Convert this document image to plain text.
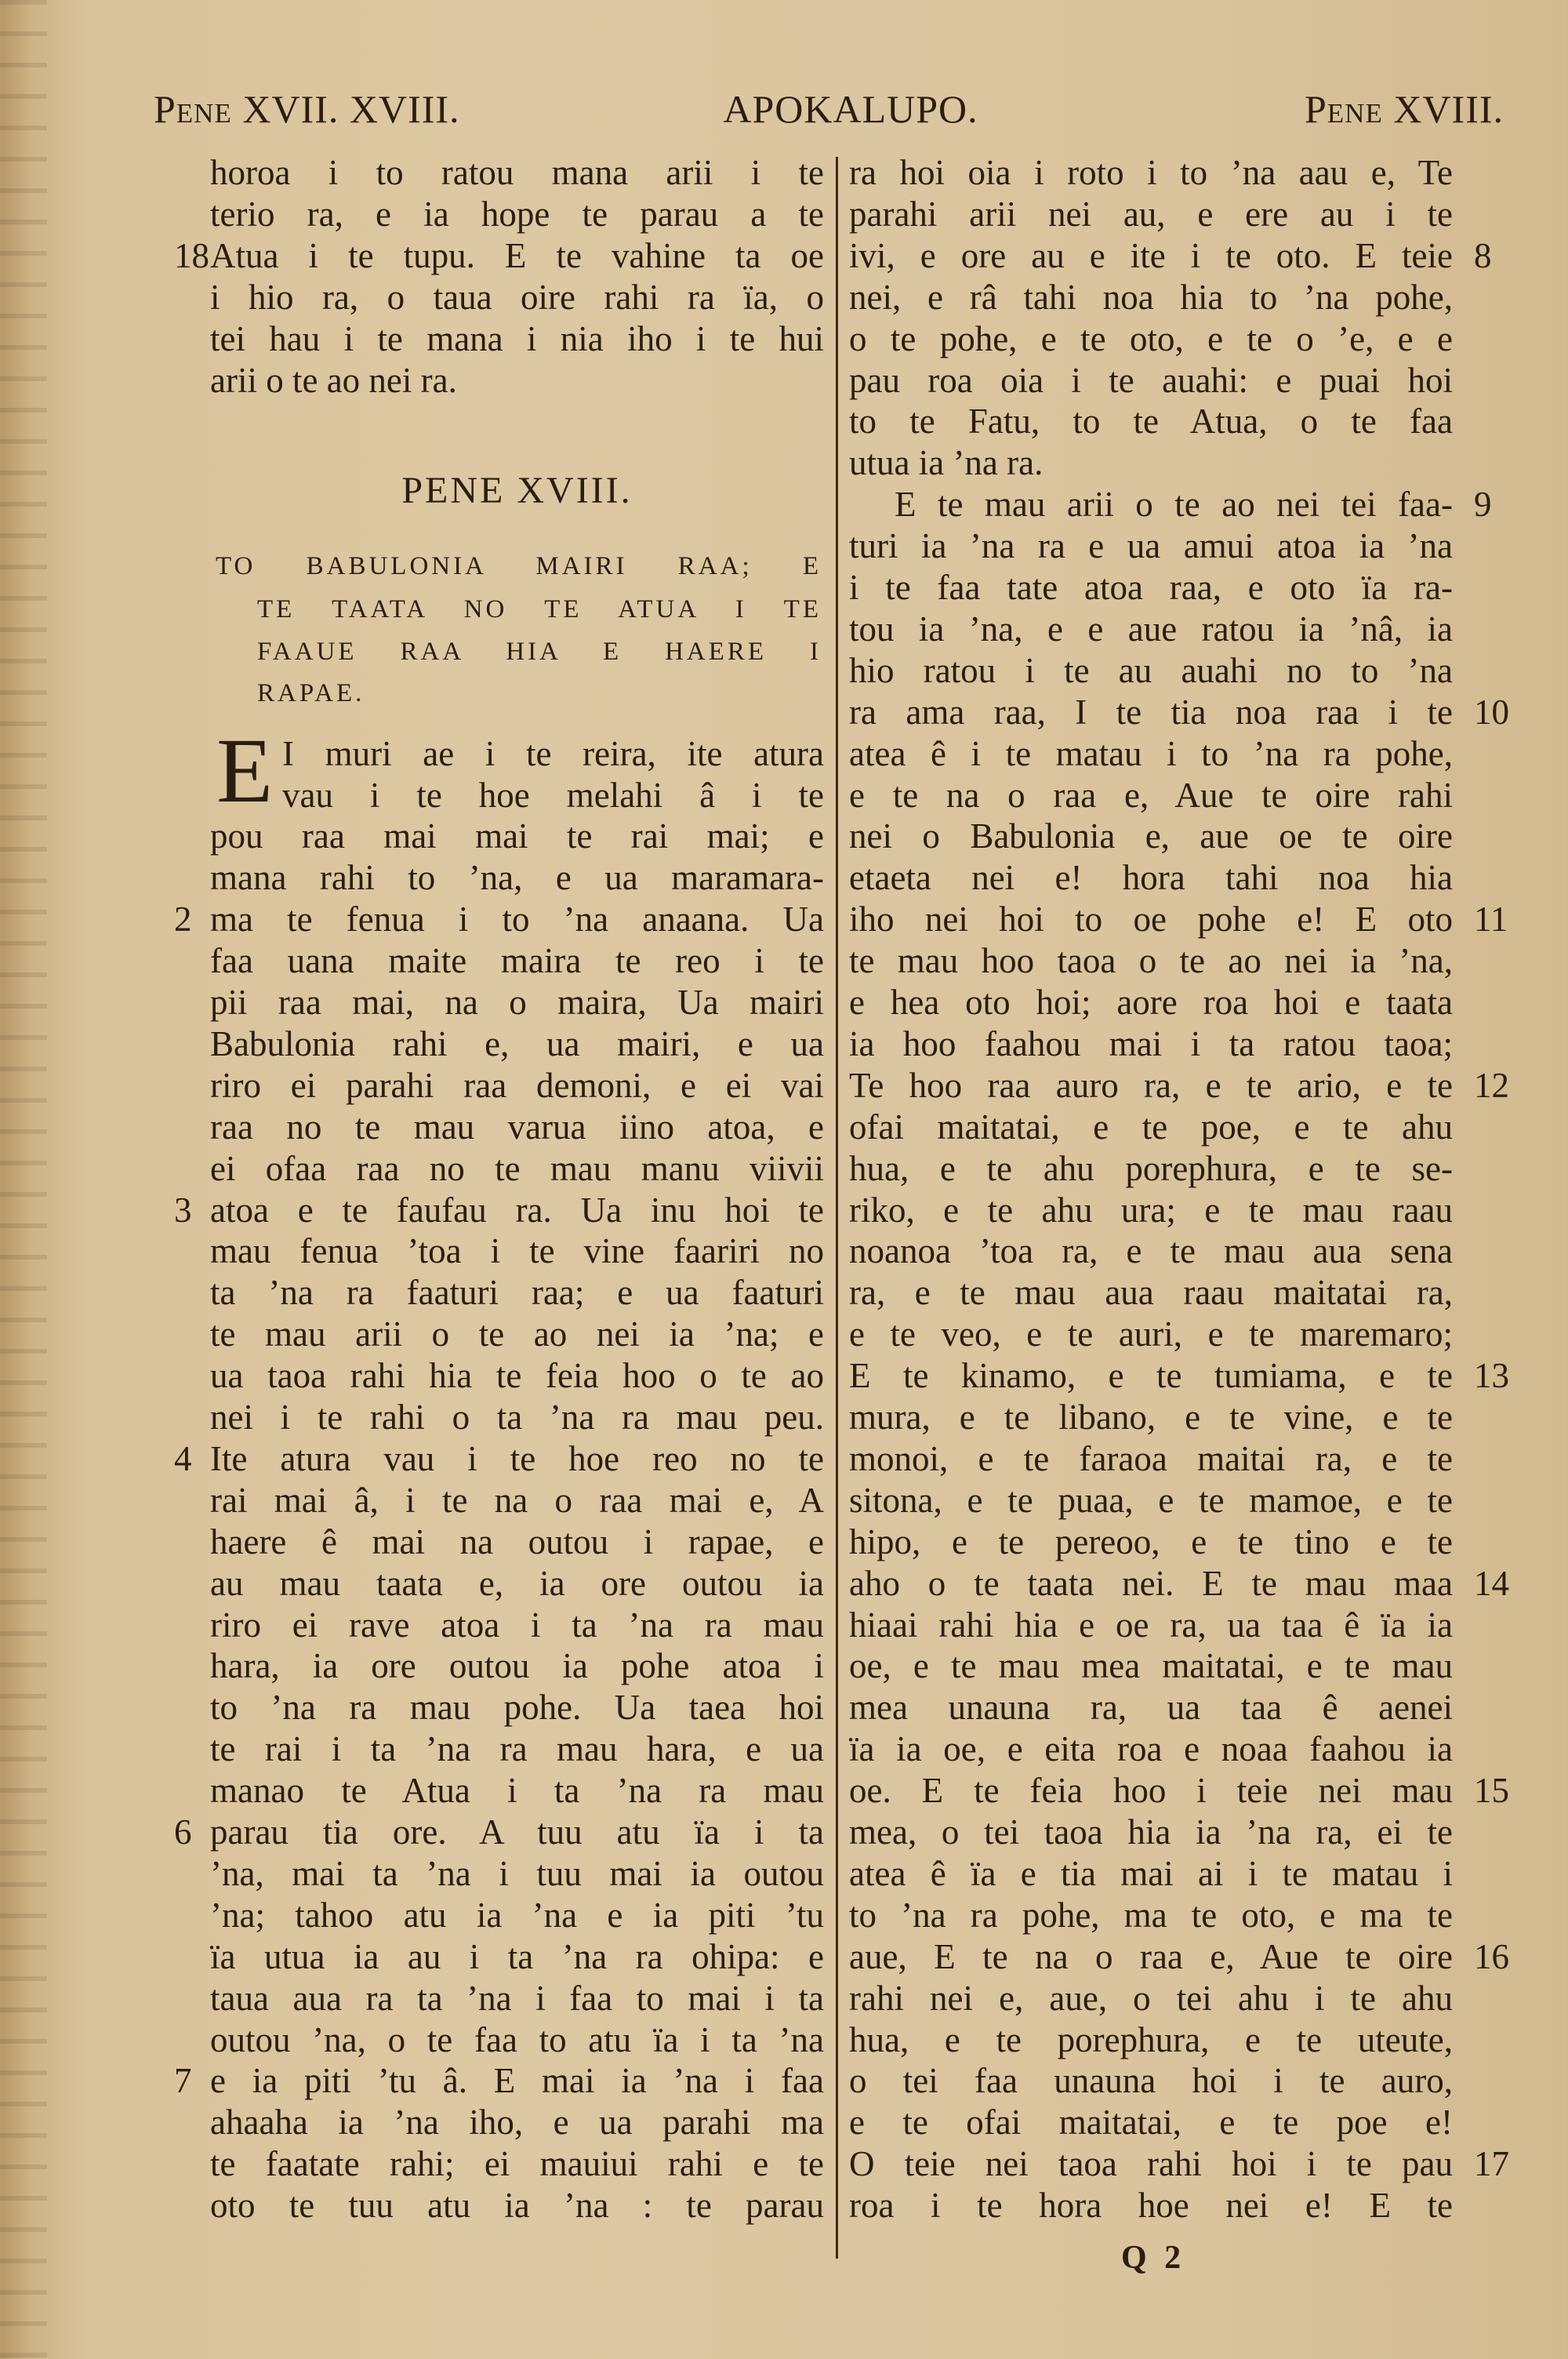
Pene XVII. XVIII.	APOKALUPO.	Pene XVIII.
horoa i to ratou mana arii i te
terio ra, e ia hope te parau a te
Atua i te tupu. E te vahine ta oe
18
i hio ra, o taua oire rahi ra ïa, o
tei hau i te mana i nia iho i te hui
arii o te ao nei ra.
I muri ae i te reira, ite atura
vau i te hoe melahi â i te
pou raa mai mai te rai mai; e
mana rahi to ’na, e ua maramara-
ma te fenua i to ’na anaana. Ua
2
faa uana maite maira te reo i te
pii raa mai, na o maira, Ua mairi
Babulonia rahi e, ua mairi, e ua
riro ei parahi raa demoni, e ei vai
raa no te mau varua iino atoa, e
ei ofaa raa no te mau manu viivii
atoa e te faufau ra. Ua inu hoi te
3
mau fenua ’toa i te vine faariri no
ta ’na ra faaturi raa; e ua faaturi
te mau arii o te ao nei ia ’na; e
ua taoa rahi hia te feia hoo o te ao
nei i te rahi o ta ’na ra mau peu.
Ite atura vau i te hoe reo no te
4
rai mai â, i te na o raa mai e, A
haere ê mai na outou i rapae, e
au mau taata e, ia ore outou ia
riro ei rave atoa i ta ’na ra mau
hara, ia ore outou ia pohe atoa i
to ’na ra mau pohe. Ua taea hoi
te rai i ta ’na ra mau hara, e ua
manao te Atua i ta ’na ra mau
parau tia ore. A tuu atu ïa i ta
6
’na, mai ta ’na i tuu mai ia outou
’na; tahoo atu ia ’na e ia piti ’tu
ïa utua ia au i ta ’na ra ohipa: e
taua aua ra ta ’na i faa to mai i ta
outou ’na, o te faa to atu ïa i ta ’na
e ia piti ’tu â. E mai ia ’na i faa
7
ahaaha ia ’na iho, e ua parahi ma
te faatate rahi; ei mauiui rahi e te
oto te tuu atu ia ’na : te parau
PENE XVIII.
TO BABULONIA MAIRI RAA; E
TE TAATA NO TE ATUA I TE
FAAUE RAA HIA E HAERE I
RAPAE.
E
ra hoi oia i roto i to ’na aau e, Te
parahi arii nei au, e ere au i te
ivi, e ore au e ite i te oto. E teie 8
nei, e râ tahi noa hia to ’na pohe,
o te pohe, e te oto, e te o ’e, e e
pau roa oia i te auahi: e puai hoi
to te Fatu, to te Atua, o te faa
utua ia ’na ra.
E te mau arii o te ao nei tei faa- 9
turi ia ’na ra e ua amui atoa ia ’na
i te faa tate atoa raa, e oto ïa ra-
tou ia ’na, e e aue ratou ia ’nâ, ia
hio ratou i te au auahi no to ’na
ra ama raa, I te tia noa raa i te 10
atea ê i te matau i to ’na ra pohe,
e te na o raa e, Aue te oire rahi
nei o Babulonia e, aue oe te oire
etaeta nei e! hora tahi noa hia
iho nei hoi to oe pohe e! E oto 11
te mau hoo taoa o te ao nei ia ’na,
e hea oto hoi; aore roa hoi e taata
ia hoo faahou mai i ta ratou taoa;
Te hoo raa auro ra, e te ario, e te 12
ofai maitatai, e te poe, e te ahu
hua, e te ahu porephura, e te se-
riko, e te ahu ura; e te mau raau
noanoa ’toa ra, e te mau aua sena
ra, e te mau aua raau maitatai ra,
e te veo, e te auri, e te maremaro;
E te kinamo, e te tumiama, e te 13
mura, e te libano, e te vine, e te
monoi, e te faraoa maitai ra, e te
sitona, e te puaa, e te mamoe, e te
hipo, e te pereoo, e te tino e te
aho o te taata nei. E te mau maa 14
hiaai rahi hia e oe ra, ua taa ê ïa ia
oe, e te mau mea maitatai, e te mau
mea unauna ra, ua taa ê aenei
ïa ia oe, e eita roa e noaa faahou ia
oe. E te feia hoo i teie nei mau 15
mea, o tei taoa hia ia ’na ra, ei te
atea ê ïa e tia mai ai i te matau i
to ’na ra pohe, ma te oto, e ma te
aue, E te na o raa e, Aue te oire 16
rahi nei e, aue, o tei ahu i te ahu
hua, e te porephura, e te uteute,
o tei faa unauna hoi i te auro,
e te ofai maitatai, e te poe e!
O teie nei taoa rahi hoi i te pau 17
roa i te hora hoe nei e! E te
Q 2
